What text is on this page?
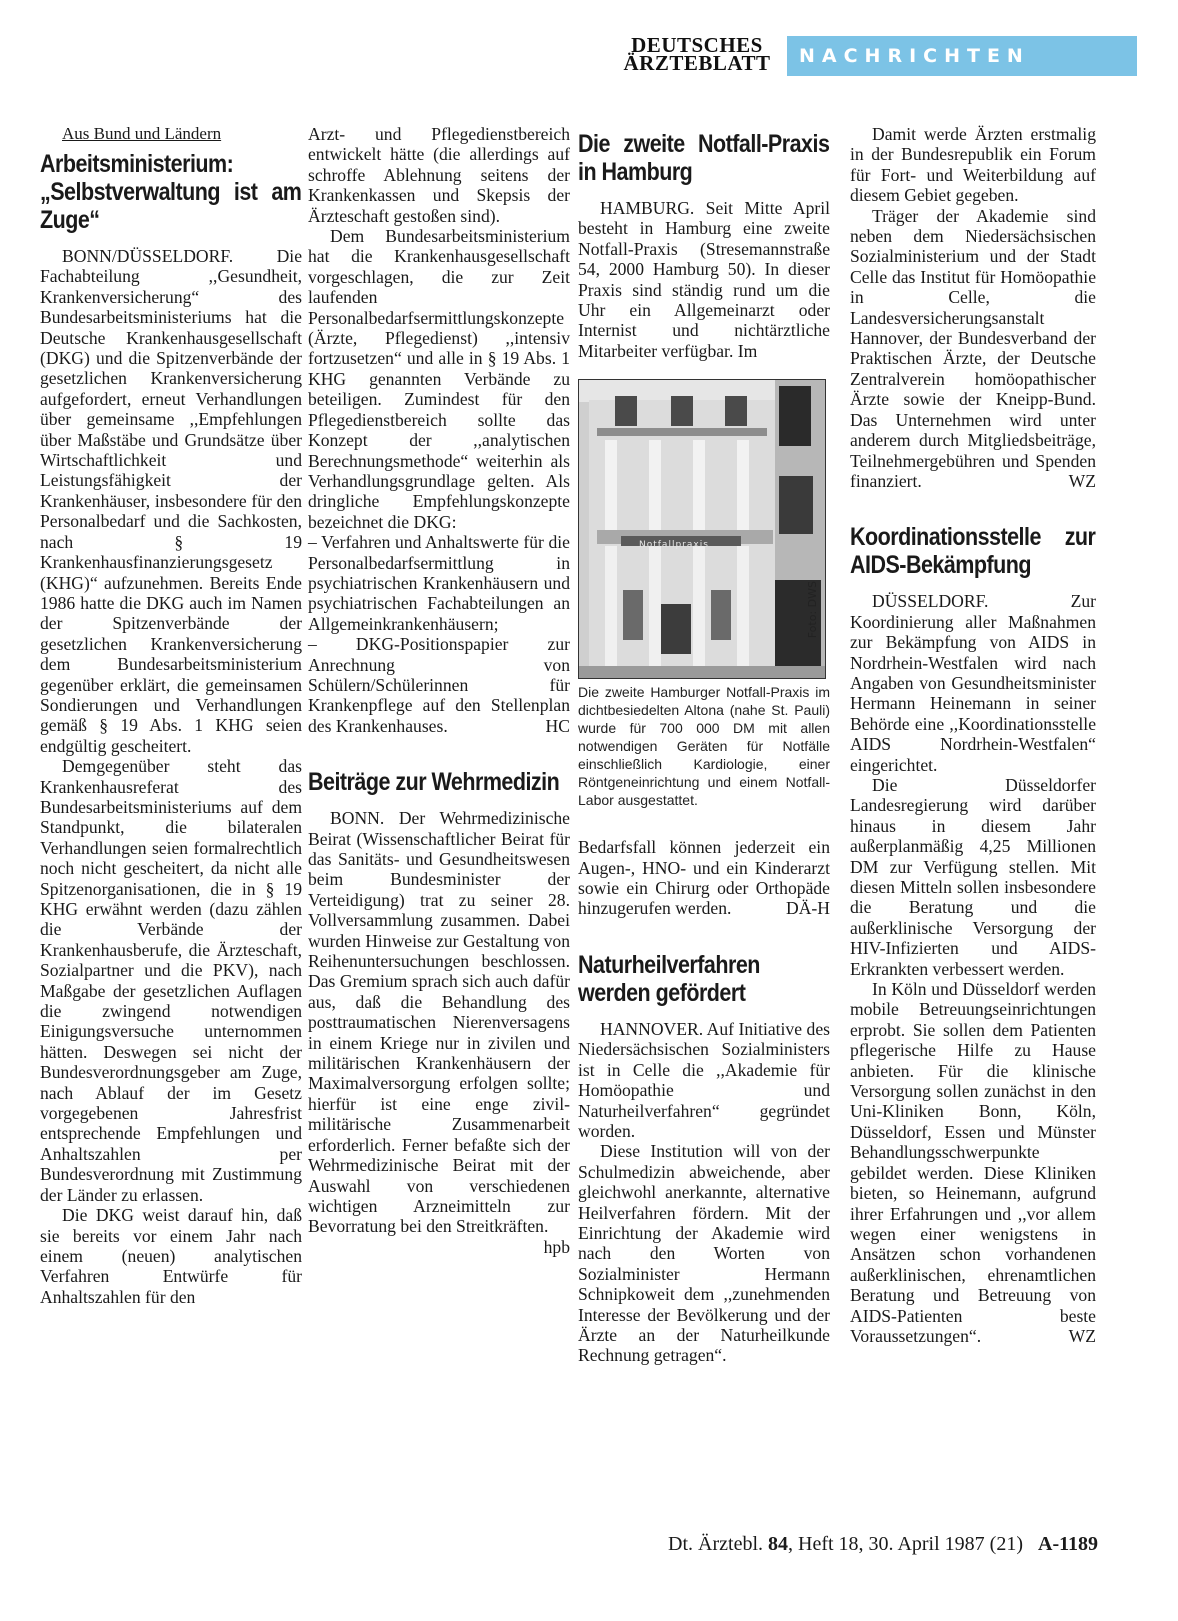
DEUTSCHES
ÄRZTEBLATT	NACHRICHTEN

Aus Bund und Ländern

Arbeitsministerium: „Selbstverwaltung ist am Zuge“

BONN/DÜSSELDORF. Die Fachabteilung ,,Gesundheit, Krankenversicherung“ des Bundesarbeitsministeriums hat die Deutsche Krankenhausgesellschaft (DKG) und die Spitzenverbände der gesetzlichen Krankenversicherung aufgefordert, erneut Verhandlungen über gemeinsame ,,Empfehlungen über Maßstäbe und Grundsätze über Wirtschaftlichkeit und Leistungsfähigkeit der Krankenhäuser, insbesondere für den Personalbedarf und die Sachkosten, nach § 19 Krankenhausfinanzierungsgesetz (KHG)“ aufzunehmen. Bereits Ende 1986 hatte die DKG auch im Namen der Spitzenverbände der gesetzlichen Krankenversicherung dem Bundesarbeitsministerium gegenüber erklärt, die gemeinsamen Sondierungen und Verhandlungen gemäß § 19 Abs. 1 KHG seien endgültig gescheitert.

Demgegenüber steht das Krankenhausreferat des Bundesarbeitsministeriums auf dem Standpunkt, die bilateralen Verhandlungen seien formalrechtlich noch nicht gescheitert, da nicht alle Spitzenorganisationen, die in § 19 KHG erwähnt werden (dazu zählen die Verbände der Krankenhausberufe, die Ärzteschaft, Sozialpartner und die PKV), nach Maßgabe der gesetzlichen Auflagen die zwingend notwendigen Einigungsversuche unternommen hätten. Deswegen sei nicht der Bundesverordnungsgeber am Zuge, nach Ablauf der im Gesetz vorgegebenen Jahresfrist entsprechende Empfehlungen und Anhaltszahlen per Bundesverordnung mit Zustimmung der Länder zu erlassen.

Die DKG weist darauf hin, daß sie bereits vor einem Jahr nach einem (neuen) analytischen Verfahren Entwürfe für Anhaltszahlen für den

Arzt- und Pflegedienstbereich entwickelt hätte (die allerdings auf schroffe Ablehnung seitens der Krankenkassen und Skepsis der Ärzteschaft gestoßen sind).

Dem Bundesarbeitsministerium hat die Krankenhausgesellschaft vorgeschlagen, die zur Zeit laufenden Personalbedarfsermittlungskonzepte (Ärzte, Pflegedienst) ,,intensiv fortzusetzen“ und alle in § 19 Abs. 1 KHG genannten Verbände zu beteiligen. Zumindest für den Pflegedienstbereich sollte das Konzept der ,,analytischen Berechnungsmethode“ weiterhin als Verhandlungsgrundlage gelten. Als dringliche Empfehlungskonzepte bezeichnet die DKG:

– Verfahren und Anhaltswerte für die Personalbedarfsermittlung in psychiatrischen Krankenhäusern und psychiatrischen Fachabteilungen an Allgemeinkrankenhäusern;

– DKG-Positionspapier zur Anrechnung von Schülern/Schülerinnen für Krankenpflege auf den Stellenplan des Krankenhauses.	HC

Beiträge zur Wehrmedizin

BONN. Der Wehrmedizinische Beirat (Wissenschaftlicher Beirat für das Sanitäts- und Gesundheitswesen beim Bundesminister der Verteidigung) trat zu seiner 28. Vollversammlung zusammen. Dabei wurden Hinweise zur Gestaltung von Reihenuntersuchungen beschlossen. Das Gremium sprach sich auch dafür aus, daß die Behandlung des posttraumatischen Nierenversagens in einem Kriege nur in zivilen und militärischen Krankenhäusern der Maximalversorgung erfolgen sollte; hierfür ist eine enge zivil-militärische Zusammenarbeit erforderlich. Ferner befaßte sich der Wehrmedizinische Beirat mit der Auswahl von verschiedenen wichtigen Arzneimitteln zur Bevorratung bei den Streitkräften.
hpb

Die zweite Notfall-Praxis in Hamburg

HAMBURG. Seit Mitte April besteht in Hamburg eine zweite Notfall-Praxis (Stresemannstraße 54, 2000 Hamburg 50). In dieser Praxis sind ständig rund um die Uhr ein Allgemeinarzt oder Internist und nichtärztliche Mitarbeiter verfügbar. Im

Foto: DWS
Notfallpraxis
Die zweite Hamburger Notfall-Praxis im dichtbesiedelten Altona (nahe St. Pauli) wurde für 700 000 DM mit allen notwendigen Geräten für Notfälle einschließlich Kardiologie, einer Röntgeneinrichtung und einem Notfall-Labor ausgestattet.

Bedarfsfall können jederzeit ein Augen-, HNO- und ein Kinderarzt sowie ein Chirurg oder Orthopäde hinzugerufen werden.	DÄ-H

Naturheilverfahren werden gefördert

HANNOVER. Auf Initiative des Niedersächsischen Sozialministers ist in Celle die ,,Akademie für Homöopathie und Naturheilverfahren“ gegründet worden.

Diese Institution will von der Schulmedizin abweichende, aber gleichwohl anerkannte, alternative Heilverfahren fördern. Mit der Einrichtung der Akademie wird nach den Worten von Sozialminister Hermann Schnipkoweit dem ,,zunehmenden Interesse der Bevölkerung und der Ärzte an der Naturheilkunde Rechnung getragen“.

Damit werde Ärzten erstmalig in der Bundesrepublik ein Forum für Fort- und Weiterbildung auf diesem Gebiet gegeben.

Träger der Akademie sind neben dem Niedersächsischen Sozialministerium und der Stadt Celle das Institut für Homöopathie in Celle, die Landesversicherungsanstalt Hannover, der Bundesverband der Praktischen Ärzte, der Deutsche Zentralverein homöopathischer Ärzte sowie der Kneipp-Bund. Das Unternehmen wird unter anderem durch Mitgliedsbeiträge, Teilnehmergebühren und Spenden finanziert.	WZ

Koordinationsstelle zur AIDS-Bekämpfung

DÜSSELDORF. Zur Koordinierung aller Maßnahmen zur Bekämpfung von AIDS in Nordrhein-Westfalen wird nach Angaben von Gesundheitsminister Hermann Heinemann in seiner Behörde eine ,,Koordinationsstelle AIDS Nordrhein-Westfalen“ eingerichtet.

Die Düsseldorfer Landesregierung wird darüber hinaus in diesem Jahr außerplanmäßig 4,25 Millionen DM zur Verfügung stellen. Mit diesen Mitteln sollen insbesondere die Beratung und die außerklinische Versorgung der HIV-Infizierten und AIDS-Erkrankten verbessert werden.

In Köln und Düsseldorf werden mobile Betreuungseinrichtungen erprobt. Sie sollen dem Patienten pflegerische Hilfe zu Hause anbieten. Für die klinische Versorgung sollen zunächst in den Uni-Kliniken Bonn, Köln, Düsseldorf, Essen und Münster Behandlungsschwerpunkte gebildet werden. Diese Kliniken bieten, so Heinemann, aufgrund ihrer Erfahrungen und ,,vor allem wegen einer wenigstens in Ansätzen schon vorhandenen außerklinischen, ehrenamtlichen Beratung und Betreuung von AIDS-Patienten beste Voraussetzungen“.	WZ

Dt. Ärztebl. 84, Heft 18, 30. April 1987 (21) A-1189
